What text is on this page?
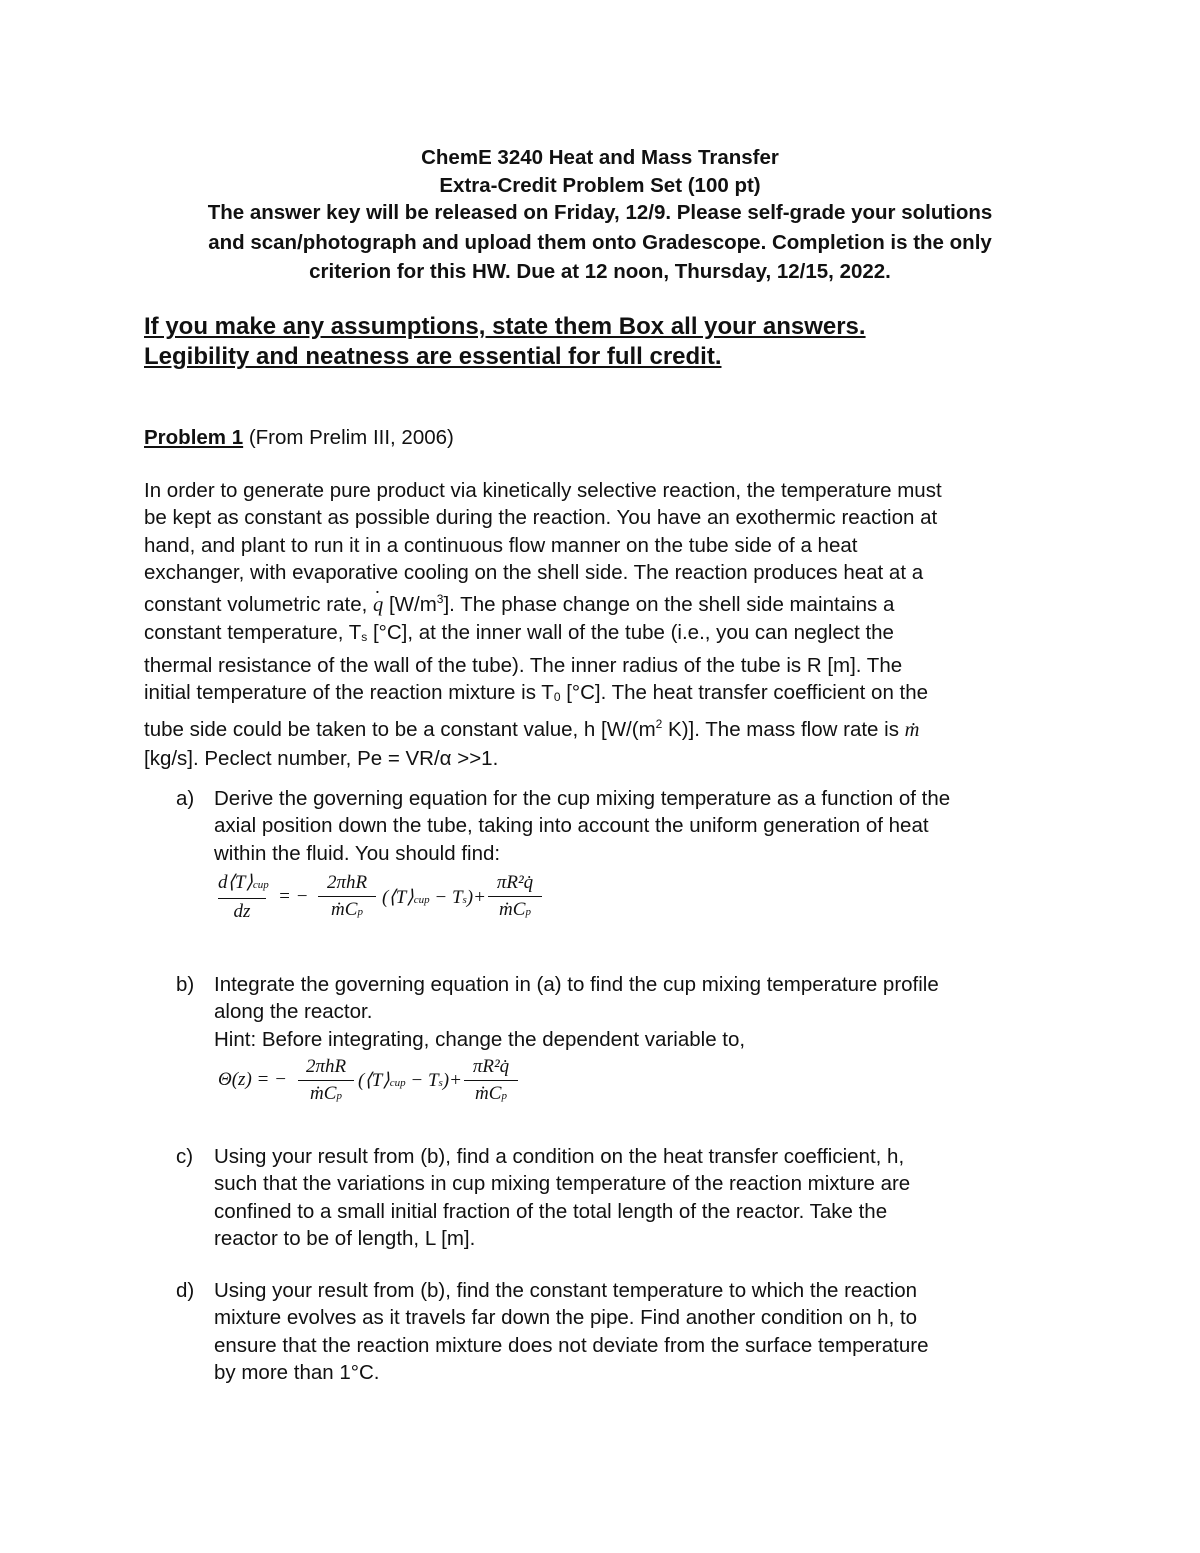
ChemE 3240 Heat and Mass Transfer
Extra-Credit Problem Set (100 pt)
The answer key will be released on Friday, 12/9. Please self-grade your solutions
and scan/photograph and upload them onto Gradescope. Completion is the only
criterion for this HW. Due at 12 noon, Thursday, 12/15, 2022.
If you make any assumptions, state them Box all your answers.
Legibility and neatness are essential for full credit.
Problem 1 (From Prelim III, 2006)
In order to generate pure product via kinetically selective reaction, the temperature must
be kept as constant as possible during the reaction. You have an exothermic reaction at
hand, and plant to run it in a continuous flow manner on the tube side of a heat
exchanger, with evaporative cooling on the shell side. The reaction produces heat at a
constant volumetric rate, q ˙ $[W/m^3]$. The phase change on the shell side maintains a
constant temperature, Ts [°C], at the inner wall of the tube (i.e., you can neglect the
thermal resistance of the wall of the tube). The inner radius of the tube is R [m]. The
initial temperature of the reaction mixture is T0 [°C]. The heat transfer coefficient on the
tube side could be taken to be a constant value, h [$W/(m^2$ K)]. The mass flow rate is ṁ
[kg/s]. Peclect number, Pe = VR/α >>1.
a) Derive the governing equation for the cup mixing temperature as a function of the
axial position down the tube, taking into account the uniform generation of heat
within the fluid. You should find:
d⟨T⟩cup
dz
= −
2πhR
ṁCp
(⟨T⟩cup − Ts)+
πR²q̇
ṁCp
b) Integrate the governing equation in (a) to find the cup mixing temperature profile
along the reactor.
Hint: Before integrating, change the dependent variable to,
Θ(z) = −
2πhR
ṁCp
(⟨T⟩cup − Ts)+
πR²q̇
ṁCp
c) Using your result from (b), find a condition on the heat transfer coefficient, h,
such that the variations in cup mixing temperature of the reaction mixture are
confined to a small initial fraction of the total length of the reactor. Take the
reactor to be of length, L [m].
d) Using your result from (b), find the constant temperature to which the reaction
mixture evolves as it travels far down the pipe. Find another condition on h, to
ensure that the reaction mixture does not deviate from the surface temperature
by more than 1°C.
